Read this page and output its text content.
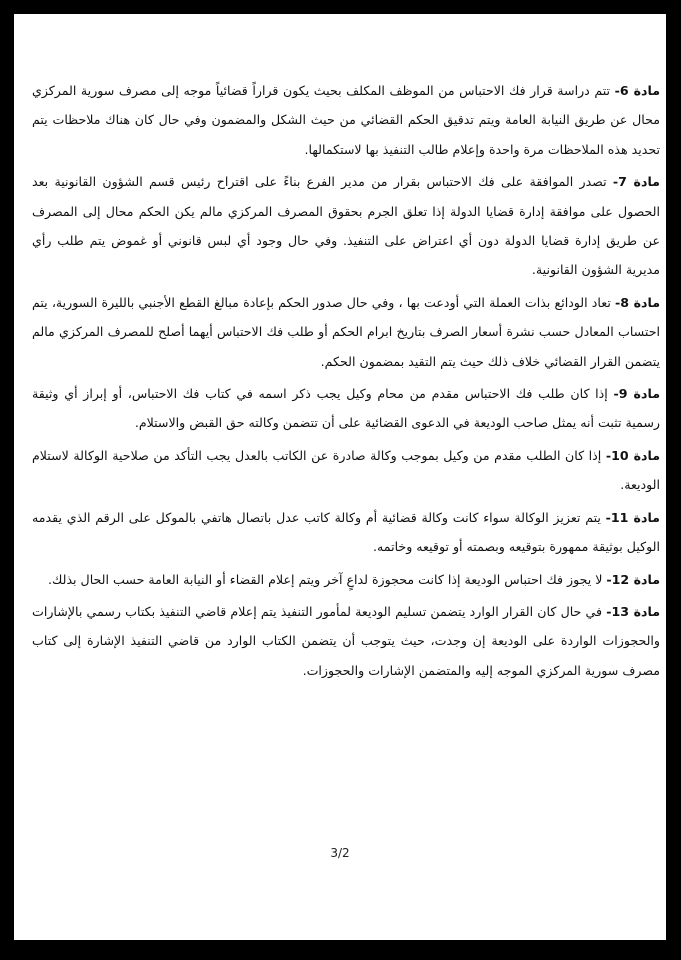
مادة 6- تتم دراسة قرار فك الاحتباس من الموظف المكلف بحيث يكون قراراً قضائياً موجه إلى مصرف سورية المركزي محال عن طريق النيابة العامة ويتم تدقيق الحكم القضائي من حيث الشكل والمضمون وفي حال كان هناك ملاحظات يتم تحديد هذه الملاحظات مرة واحدة وإعلام طالب التنفيذ بها لاستكمالها.

مادة 7- تصدر الموافقة على فك الاحتباس بقرار من مدير الفرع بناءً على اقتراح رئيس قسم الشؤون القانونية بعد الحصول على موافقة إدارة قضايا الدولة إذا تعلق الجرم بحقوق المصرف المركزي مالم يكن الحكم محال إلى المصرف عن طريق إدارة قضايا الدولة دون أي اعتراض على التنفيذ. وفي حال وجود أي لبس قانوني أو غموض يتم طلب رأي مديرية الشؤون القانونية.

مادة 8- تعاد الودائع بذات العملة التي أودعت بها ، وفي حال صدور الحكم بإعادة مبالغ القطع الأجنبي بالليرة السورية، يتم احتساب المعادل حسب نشرة أسعار الصرف بتاريخ ابرام الحكم أو طلب فك الاحتباس أيهما أصلح للمصرف المركزي مالم يتضمن القرار القضائي خلاف ذلك حيث يتم التقيد بمضمون الحكم.

مادة 9- إذا كان طلب فك الاحتباس مقدم من محام وكيل يجب ذكر اسمه في كتاب فك الاحتباس، أو إبراز أي وثيقة رسمية تثبت أنه يمثل صاحب الوديعة في الدعوى القضائية على أن تتضمن وكالته حق القبض والاستلام.

مادة 10- إذا كان الطلب مقدم من وكيل بموجب وكالة صادرة عن الكاتب بالعدل يجب التأكد من صلاحية الوكالة لاستلام الوديعة.

مادة 11- يتم تعزيز الوكالة سواء كانت وكالة قضائية أم وكالة كاتب عدل باتصال هاتفي بالموكل على الرقم الذي يقدمه الوكيل بوثيقة ممهورة بتوقيعه وبصمته أو توقيعه وخاتمه.

مادة 12- لا يجوز فك احتباس الوديعة إذا كانت محجوزة لداعٍ آخر ويتم إعلام القضاء أو النيابة العامة حسب الحال بذلك.

مادة 13- في حال كان القرار الوارد يتضمن تسليم الوديعة لمأمور التنفيذ يتم إعلام قاضي التنفيذ بكتاب رسمي بالإشارات والحجوزات الواردة على الوديعة إن وجدت، حيث يتوجب أن يتضمن الكتاب الوارد من قاضي التنفيذ الإشارة إلى كتاب مصرف سورية المركزي الموجه إليه والمتضمن الإشارات والحجوزات.

3/2
